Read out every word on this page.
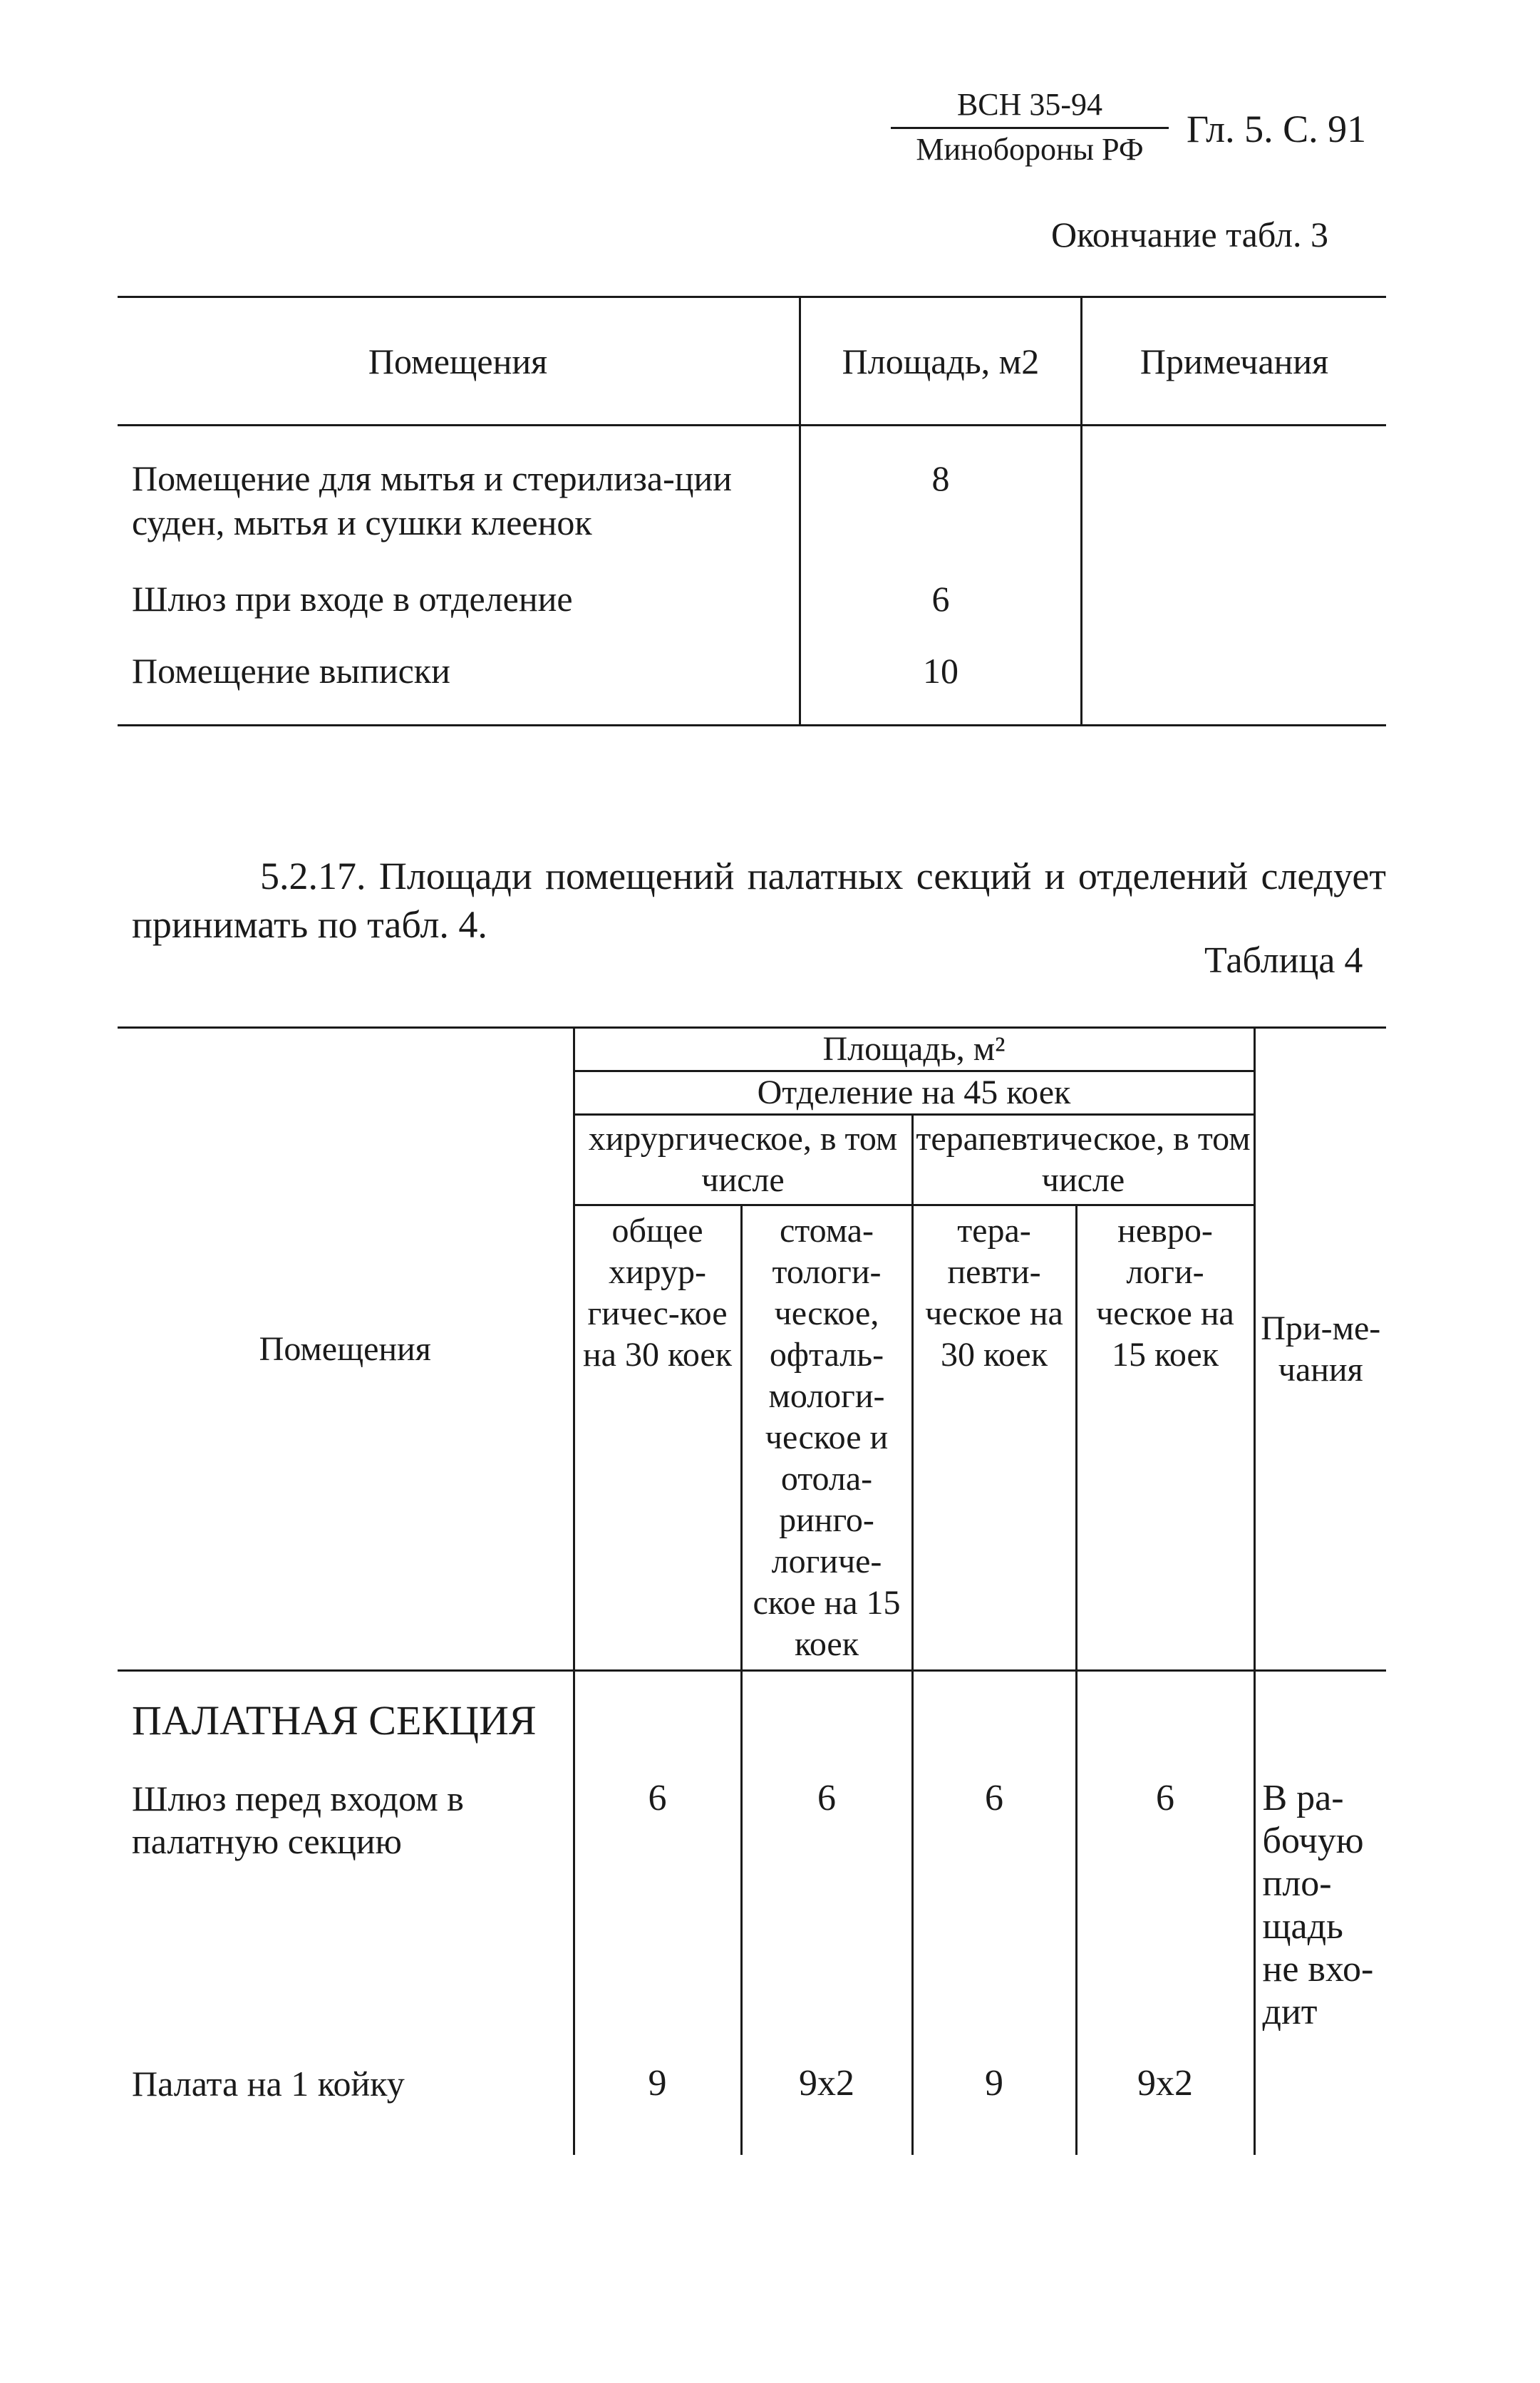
ВСН 35-94
Минобороны РФ	Гл. 5. С. 91
Окончание табл. 3
Помещения	Площадь, м2	Примечания
Помещение для мытья и стерилиза-ции суден, мытья и сушки клеенок	8	
Шлюз при входе в отделение	6	
Помещение выписки	10	
5.2.17. Площади помещений палатных секций и отделений следует принимать по табл. 4.
Таблица 4
Помещения	Площадь, м²				При-ме-чания
	Отделение на 45 коек				
	хирургическое, в том числе		терапевтическое, в том числе		
	общее хирур-гичес-кое на 30 коек	стома-тологи-ческое, офталь-мологи-ческое и отола-ринго-логиче-ское на 15 коек	тера-певти-ческое на 30 коек	невро-логи-ческое на 15 коек	
ПАЛАТНАЯ СЕКЦИЯ					
Шлюз перед входом в палатную секцию	6	6	6	6	В ра-бочую пло-щадь не вхо-дит
Палата на 1 койку	9	9х2	9	9х2	
